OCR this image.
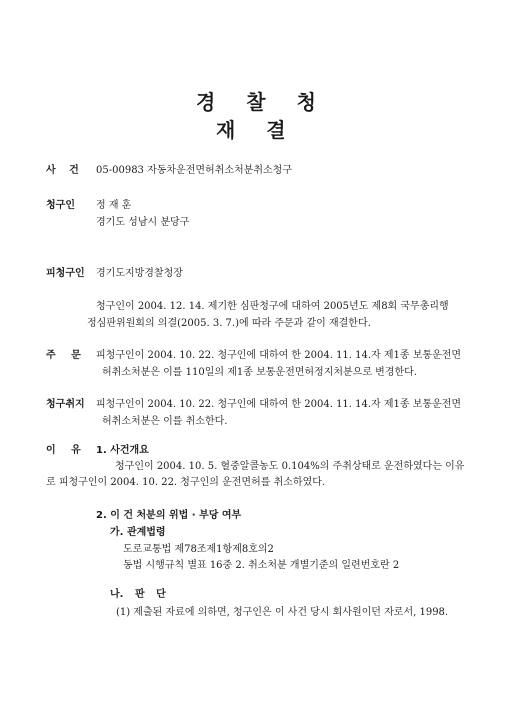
경 찰 청
재 결
사 건 05-00983 자동차운전면허취소처분취소청구
청구인 정 재 훈
경기도 성남시 분당구
피청구인 경기도지방경찰청장
청구인이 2004. 12. 14. 제기한 심판청구에 대하여 2005년도 제8회 국무총리행
정심판위원회의 의결(2005. 3. 7.)에 따라 주문과 같이 재결한다.
주 문 피청구인이 2004. 10. 22. 청구인에 대하여 한 2004. 11. 14.자 제1종 보통운전면
허취소처분은 이를 110일의 제1종 보통운전면허정지처분으로 변경한다.
청구취지 피청구인이 2004. 10. 22. 청구인에 대하여 한 2004. 11. 14.자 제1종 보통운전면
허취소처분은 이를 취소한다.
이 유 1. 사건개요
청구인이 2004. 10. 5. 혈중알콜농도 0.104%의 주취상태로 운전하였다는 이유
로 피청구인이 2004. 10. 22. 청구인의 운전면허를 취소하였다.
2. 이 건 처분의 위법 · 부당 여부
가. 관계법령
도로교통법 제78조제1항제8호의2
동법 시행규칙 별표 16중 2. 취소처분 개별기준의 일련번호란 2
나. 판 단
(1) 제출된 자료에 의하면, 청구인은 이 사건 당시 회사원이던 자로서, 1998.
